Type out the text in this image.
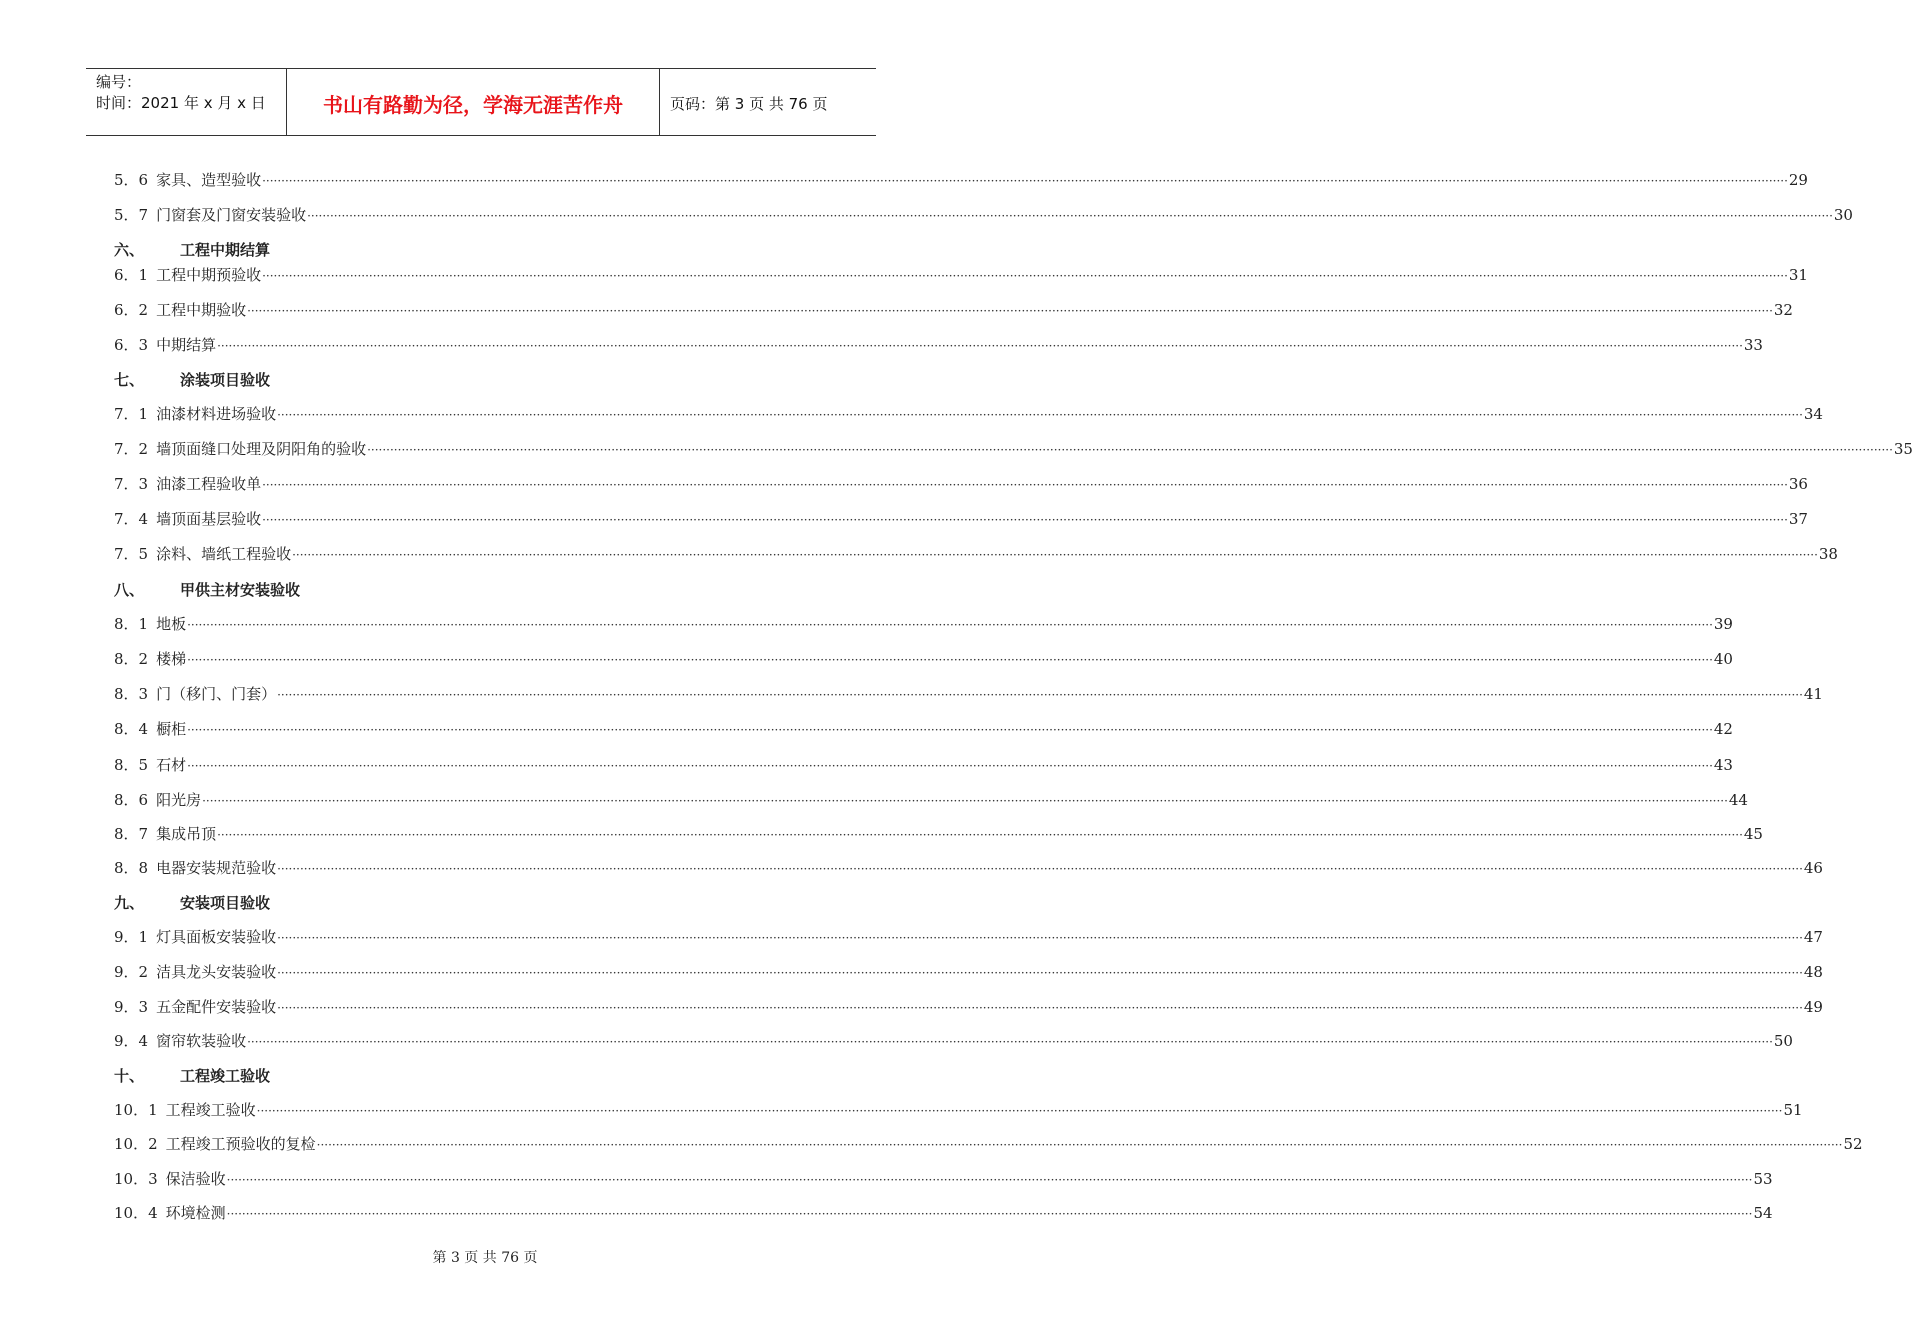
编号：
时间：2021 年 x 月 x 日	书山有路勤为径，学海无涯苦作舟	页码：第 3 页 共 76 页
5．6 家具、造型验收 ················································································································································································································································································································································································································ 29
5．7 门窗套及门窗安装验收 ················································································································································································································································································································································································································ 30
六、 工程中期结算
6．1 工程中期预验收 ················································································································································································································································································································································································································ 31
6．2 工程中期验收 ················································································································································································································································································································································································································ 32
6．3 中期结算 ················································································································································································································································································································································································································ 33
七、 涂装项目验收
7．1 油漆材料进场验收 ················································································································································································································································································································································································································ 34
7．2 墙顶面缝口处理及阴阳角的验收 ················································································································································································································································································································································································································ 35
7．3 油漆工程验收单 ················································································································································································································································································································································································································ 36
7．4 墙顶面基层验收 ················································································································································································································································································································································································································ 37
7．5 涂料、墙纸工程验收 ················································································································································································································································································································································································································ 38
八、 甲供主材安装验收
8．1 地板 ················································································································································································································································································································································································································ 39
8．2 楼梯 ················································································································································································································································································································································································································ 40
8．3 门（移门、门套） ················································································································································································································································································································································································································ 41
8．4 橱柜 ················································································································································································································································································································································································································ 42
8．5 石材 ················································································································································································································································································································································································································ 43
8．6 阳光房 ················································································································································································································································································································································································································ 44
8．7 集成吊顶 ················································································································································································································································································································································································································ 45
8．8 电器安装规范验收 ················································································································································································································································································································································································································ 46
九、 安装项目验收
9．1 灯具面板安装验收 ················································································································································································································································································································································································································ 47
9．2 洁具龙头安装验收 ················································································································································································································································································································································································································ 48
9．3 五金配件安装验收 ················································································································································································································································································································································································································ 49
9．4 窗帘软装验收 ················································································································································································································································································································································································································ 50
十、 工程竣工验收
10．1 工程竣工验收 ················································································································································································································································································································································································································ 51
10．2 工程竣工预验收的复检 ················································································································································································································································································································································································································ 52
10．3 保洁验收 ················································································································································································································································································································································································································ 53
10．4 环境检测 ················································································································································································································································································································································································································ 54
第 3 页 共 76 页
